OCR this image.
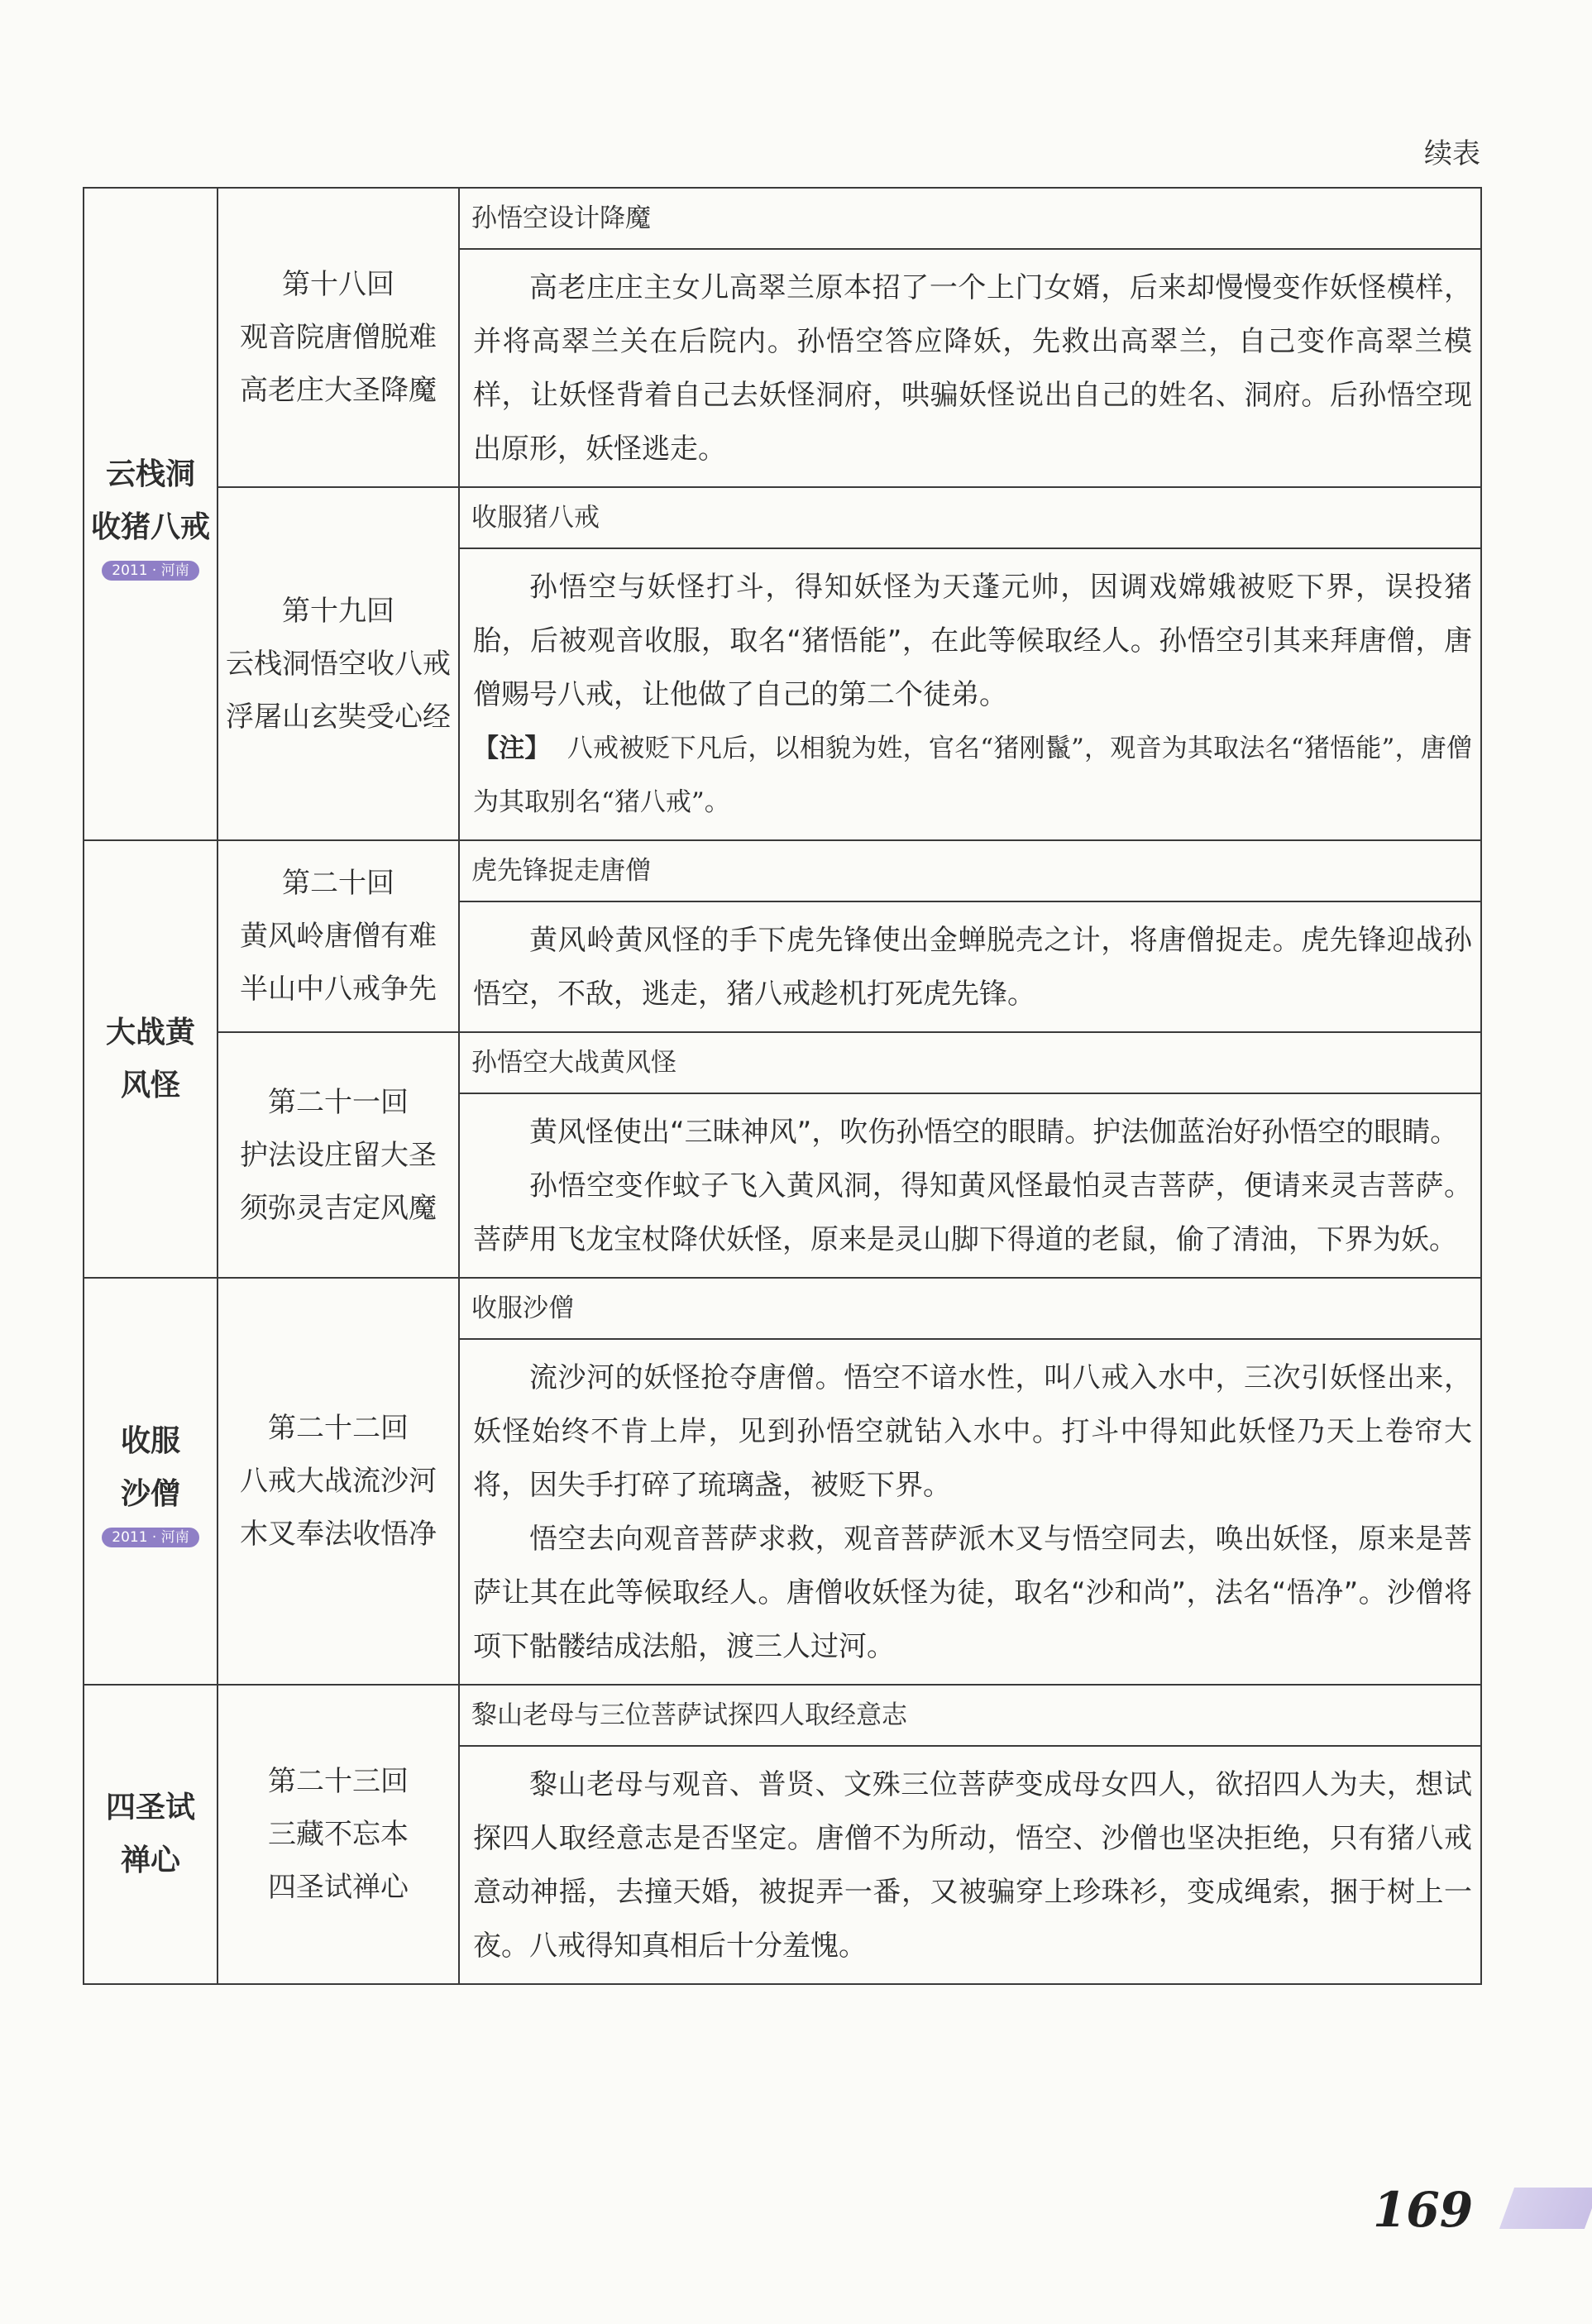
续表
云栈洞
收猪八戒
2011 · 河南
第十八回
观音院唐僧脱难
高老庄大圣降魔
孙悟空设计降魔

高老庄庄主女儿高翠兰原本招了一个上门女婿，后来却慢慢变作妖怪模样，并将高翠兰关在后院内。孙悟空答应降妖，先救出高翠兰，自己变作高翠兰模样，让妖怪背着自己去妖怪洞府，哄骗妖怪说出自己的姓名、洞府。后孙悟空现出原形，妖怪逃走。

第十九回
云栈洞悟空收八戒
浮屠山玄奘受心经
收服猪八戒

孙悟空与妖怪打斗，得知妖怪为天蓬元帅，因调戏嫦娥被贬下界，误投猪胎，后被观音收服，取名“猪悟能”，在此等候取经人。孙悟空引其来拜唐僧，唐僧赐号八戒，让他做了自己的第二个徒弟。

【注】 八戒被贬下凡后，以相貌为姓，官名“猪刚鬣”，观音为其取法名“猪悟能”，唐僧为其取别名“猪八戒”。

大战黄
风怪
第二十回
黄风岭唐僧有难
半山中八戒争先
虎先锋捉走唐僧

黄风岭黄风怪的手下虎先锋使出金蝉脱壳之计，将唐僧捉走。虎先锋迎战孙悟空，不敌，逃走，猪八戒趁机打死虎先锋。

第二十一回
护法设庄留大圣
须弥灵吉定风魔
孙悟空大战黄风怪

黄风怪使出“三昧神风”，吹伤孙悟空的眼睛。护法伽蓝治好孙悟空的眼睛。

孙悟空变作蚊子飞入黄风洞，得知黄风怪最怕灵吉菩萨，便请来灵吉菩萨。菩萨用飞龙宝杖降伏妖怪，原来是灵山脚下得道的老鼠，偷了清油，下界为妖。

收服
沙僧
2011 · 河南
第二十二回
八戒大战流沙河
木叉奉法收悟净
收服沙僧

流沙河的妖怪抢夺唐僧。悟空不谙水性，叫八戒入水中，三次引妖怪出来，妖怪始终不肯上岸，见到孙悟空就钻入水中。打斗中得知此妖怪乃天上卷帘大将，因失手打碎了琉璃盏，被贬下界。

悟空去向观音菩萨求救，观音菩萨派木叉与悟空同去，唤出妖怪，原来是菩萨让其在此等候取经人。唐僧收妖怪为徒，取名“沙和尚”，法名“悟净”。沙僧将项下骷髅结成法船，渡三人过河。

四圣试
禅心
第二十三回
三藏不忘本
四圣试禅心
黎山老母与三位菩萨试探四人取经意志

黎山老母与观音、普贤、文殊三位菩萨变成母女四人，欲招四人为夫，想试探四人取经意志是否坚定。唐僧不为所动，悟空、沙僧也坚决拒绝，只有猪八戒意动神摇，去撞天婚，被捉弄一番，又被骗穿上珍珠衫，变成绳索，捆于树上一夜。八戒得知真相后十分羞愧。

169
